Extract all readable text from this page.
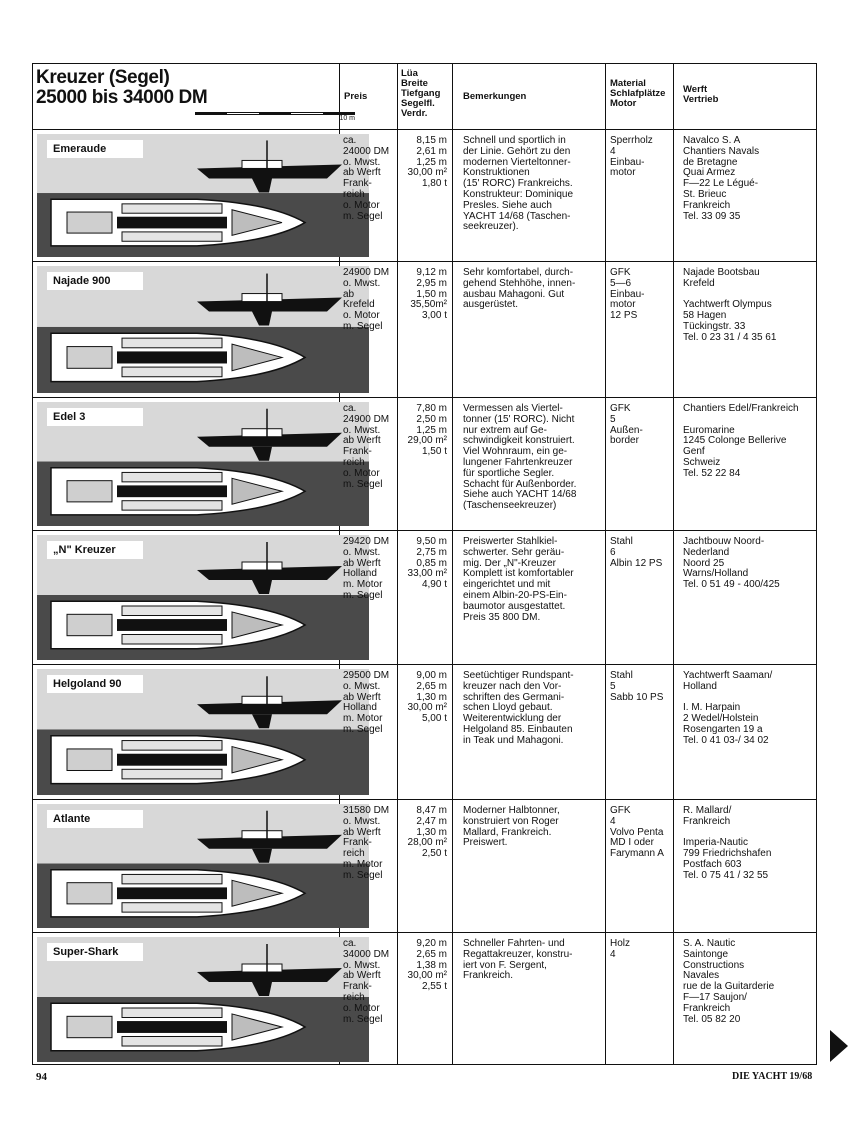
Kreuzer (Segel)
25000 bis 34000 DM
10 m
Preis
Lüa
Breite
Tiefgang
Segelfl.
Verdr.
Bemerkungen
Material
Schlafplätze
Motor
Werft
Vertrieb
Emeraude
ca.
24000 DM
o. Mwst.
ab Werft
Frank-
reich
o. Motor
m. Segel
8,15 m
2,61 m
1,25 m
30,00 m²
1,80 t
Schnell und sportlich in
der Linie. Gehört zu den
modernen Vierteltonner-
Konstruktionen
(15' RORC) Frankreichs.
Konstrukteur: Dominique
Presles. Siehe auch
YACHT 14/68 (Taschen-
seekreuzer).
Sperrholz
4
Einbau-
motor
Navalco S. A
Chantiers Navals
de Bretagne
Quai Armez
F—22 Le Légué-
St. Brieuc
Frankreich
Tel. 33 09 35
Najade 900
24900 DM
o. Mwst.
ab
Krefeld
o. Motor
m. Segel
9,12 m
2,95 m
1,50 m
35,50m²
3,00 t
Sehr komfortabel, durch-
gehend Stehhöhe, innen-
ausbau Mahagoni. Gut
ausgerüstet.
GFK
5—6
Einbau-
motor
12 PS
Najade Bootsbau
Krefeld

Yachtwerft Olympus
58 Hagen
Tückingstr. 33
Tel. 0 23 31 / 4 35 61
Edel 3
ca.
24900 DM
o. Mwst.
ab Werft
Frank-
reich
o. Motor
m. Segel
7,80 m
2,50 m
1,25 m
29,00 m²
1,50 t
Vermessen als Viertel-
tonner (15' RORC). Nicht
nur extrem auf Ge-
schwindigkeit konstruiert.
Viel Wohnraum, ein ge-
lungener Fahrtenkreuzer
für sportliche Segler.
Schacht für Außenborder.
Siehe auch YACHT 14/68
(Taschenseekreuzer)
GFK
5
Außen-
border
Chantiers Edel/Frankreich

Euromarine
1245 Colonge Bellerive
Genf
Schweiz
Tel. 52 22 84
„N" Kreuzer
29420 DM
o. Mwst.
ab Werft
Holland
m. Motor
m. Segel
9,50 m
2,75 m
0,85 m
33,00 m²
4,90 t
Preiswerter Stahlkiel-
schwerter. Sehr geräu-
mig. Der „N"-Kreuzer
Komplett ist komfortabler
eingerichtet und mit
einem Albin-20-PS-Ein-
baumotor ausgestattet.
Preis 35 800 DM.
Stahl
6
Albin 12 PS
Jachtbouw Noord-
Nederland
Noord 25
Warns/Holland
Tel. 0 51 49 - 400/425
Helgoland 90
29500 DM
o. Mwst.
ab Werft
Holland
m. Motor
m. Segel
9,00 m
2,65 m
1,30 m
30,00 m²
5,00 t
Seetüchtiger Rundspant-
kreuzer nach den Vor-
schriften des Germani-
schen Lloyd gebaut.
Weiterentwicklung der
Helgoland 85. Einbauten
in Teak und Mahagoni.
Stahl
5
Sabb 10 PS
Yachtwerft Saaman/
Holland

I. M. Harpain
2 Wedel/Holstein
Rosengarten 19 a
Tel. 0 41 03-/ 34 02
Atlante
31580 DM
o. Mwst.
ab Werft
Frank-
reich
m. Motor
m. Segel
8,47 m
2,47 m
1,30 m
28,00 m²
2,50 t
Moderner Halbtonner,
konstruiert von Roger
Mallard, Frankreich.
Preiswert.
GFK
4
Volvo Penta
MD I oder
Farymann A
R. Mallard/
Frankreich

Imperia-Nautic
799 Friedrichshafen
Postfach 603
Tel. 0 75 41 / 32 55
Super-Shark
ca.
34000 DM
o. Mwst.
ab Werft
Frank-
reich
o. Motor
m. Segel
9,20 m
2,65 m
1,38 m
30,00 m²
2,55 t
Schneller Fahrten- und
Regattakreuzer, konstru-
iert von F. Sergent,
Frankreich.
Holz
4
S. A. Nautic
Saintonge
Constructions
Navales
rue de la Guitarderie
F—17 Saujon/
Frankreich
Tel. 05 82 20
94	DIE YACHT 19/68
